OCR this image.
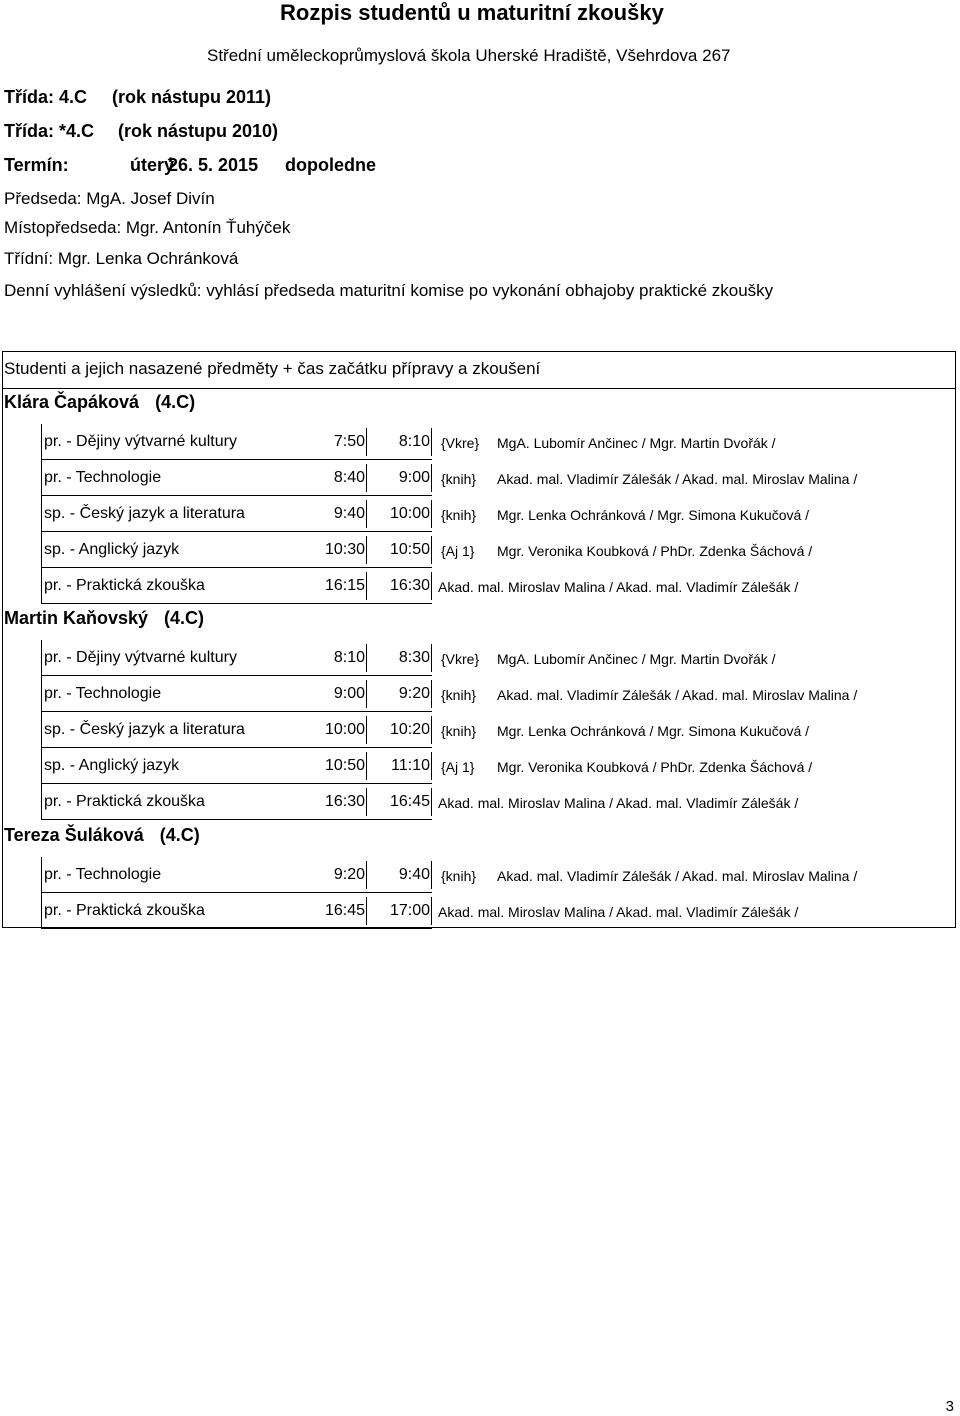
Rozpis studentů u maturitní zkoušky
Střední uměleckoprůmyslová škola Uherské Hradiště, Všehrdova 267
Třída: 4.C (rok nástupu 2011)
Třída: *4.C (rok nástupu 2010)
Termín:	úterý
26. 5. 2015 dopoledne
Předseda: MgA. Josef Divín
Místopředseda: Mgr. Antonín Ťuhýček
Třídní: Mgr. Lenka Ochránková
Denní vyhlášení výsledků: vyhlásí předseda maturitní komise po vykonání obhajoby praktické zkoušky
Studenti a jejich nasazené předměty + čas začátku přípravy a zkoušení
Klára Čapáková (4.C)
pr. - Dějiny výtvarné kultury	7:50	8:10 {Vkre} MgA. Lubomír Ančinec / Mgr. Martin Dvořák /
pr. - Technologie	8:40	9:00 {knih} Akad. mal. Vladimír Zálešák / Akad. mal. Miroslav Malina /
sp. - Český jazyk a literatura	9:40	10:00 {knih} Mgr. Lenka Ochránková / Mgr. Simona Kukučová /
sp. - Anglický jazyk	10:30	10:50 {Aj 1} Mgr. Veronika Koubková / PhDr. Zdenka Šáchová /
pr. - Praktická zkouška	16:15	16:30 Akad. mal. Miroslav Malina / Akad. mal. Vladimír Zálešák /
Martin Kaňovský (4.C)
pr. - Dějiny výtvarné kultury	8:10	8:30 {Vkre} MgA. Lubomír Ančinec / Mgr. Martin Dvořák /
pr. - Technologie	9:00	9:20 {knih} Akad. mal. Vladimír Zálešák / Akad. mal. Miroslav Malina /
sp. - Český jazyk a literatura	10:00	10:20 {knih} Mgr. Lenka Ochránková / Mgr. Simona Kukučová /
sp. - Anglický jazyk	10:50	11:10 {Aj 1} Mgr. Veronika Koubková / PhDr. Zdenka Šáchová /
pr. - Praktická zkouška	16:30	16:45 Akad. mal. Miroslav Malina / Akad. mal. Vladimír Zálešák /
Tereza Šuláková (4.C)
pr. - Technologie	9:20	9:40 {knih} Akad. mal. Vladimír Zálešák / Akad. mal. Miroslav Malina /
pr. - Praktická zkouška	16:45	17:00 Akad. mal. Miroslav Malina / Akad. mal. Vladimír Zálešák /
3
